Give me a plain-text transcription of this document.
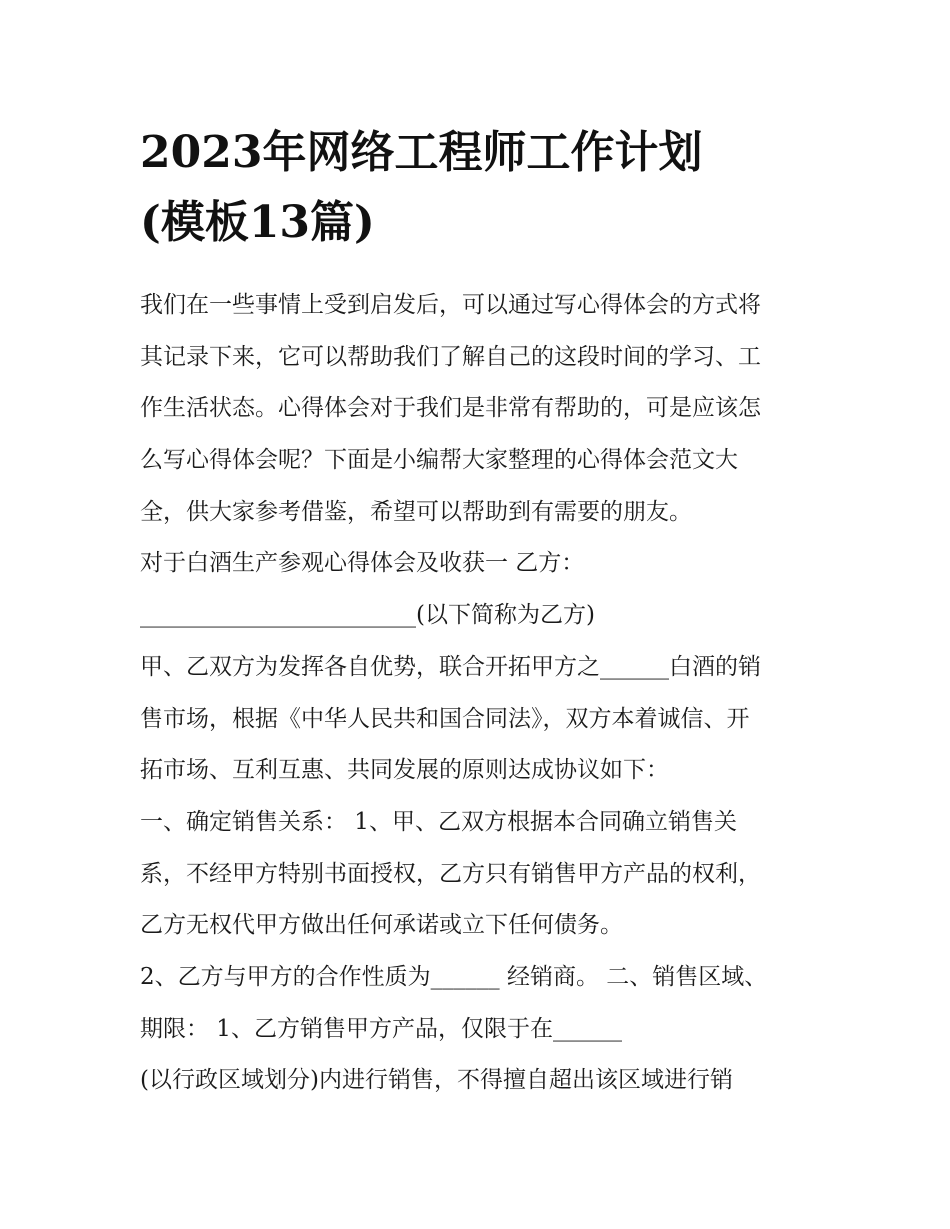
2023年网络工程师工作计划
(模板13篇)
我们在一些事情上受到启发后，可以通过写心得体会的方式将
其记录下来，它可以帮助我们了解自己的这段时间的学习、工
作生活状态。心得体会对于我们是非常有帮助的，可是应该怎
么写心得体会呢？下面是小编帮大家整理的心得体会范文大
全，供大家参考借鉴，希望可以帮助到有需要的朋友。
对于白酒生产参观心得体会及收获一 乙方：
________________________(以下简称为乙方)
甲、乙双方为发挥各自优势，联合开拓甲方之______白酒的销
售市场，根据《中华人民共和国合同法》，双方本着诚信、开
拓市场、互利互惠、共同发展的原则达成协议如下：
一、确定销售关系： 1、甲、乙双方根据本合同确立销售关
系，不经甲方特别书面授权，乙方只有销售甲方产品的权利，
乙方无权代甲方做出任何承诺或立下任何债务。
2、乙方与甲方的合作性质为______ 经销商。 二、销售区域、
期限： 1、乙方销售甲方产品，仅限于在______
(以行政区域划分)内进行销售，不得擅自超出该区域进行销
